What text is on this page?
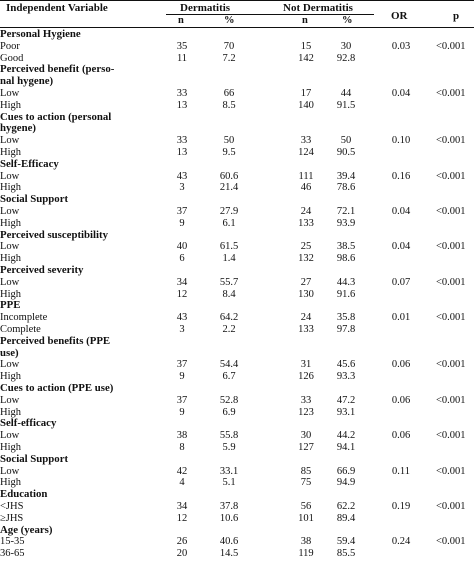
Independent Variable	Dermatitis	Not Dermatitis
OR	p
n	%	n	%
Personal Hygiene
Poor	35	70	15	30	0.03 <0.001
Good	11	7.2	142	92.8
Perceived benefit (perso-
nal hygene)
Low	33	66	17	44	0.04 <0.001
High	13	8.5	140	91.5
Cues to action (personal
hygene)
Low	33	50	33	50	0.10 <0.001
High	13	9.5	124	90.5
Self-Efficacy
Low	43	60.6	111	39.4	0.16 <0.001
High	3	21.4	46	78.6
Social Support
Low	37	27.9	24	72.1	0.04 <0.001
High	9	6.1	133	93.9
Perceived susceptibility
Low	40	61.5	25	38.5	0.04 <0.001
High	6	1.4	132	98.6
Perceived severity
Low	34	55.7	27	44.3	0.07 <0.001
High	12	8.4	130	91.6
PPE
Incomplete	43	64.2	24	35.8	0.01 <0.001
Complete	3	2.2	133	97.8
Perceived benefits (PPE
use)
Low	37	54.4	31	45.6	0.06 <0.001
High	9	6.7	126	93.3
Cues to action (PPE use)
Low	37	52.8	33	47.2	0.06 <0.001
High	9	6.9	123	93.1
Self-efficacy
Low	38	55.8	30	44.2	0.06 <0.001
High	8	5.9	127	94.1
Social Support
Low	42	33.1	85	66.9	0.11 <0.001
High	4	5.1	75	94.9
Education
<JHS	34	37.8	56	62.2	0.19 <0.001
≥JHS	12	10.6	101	89.4
Age (years)
15-35	26	40.6	38	59.4	0.24 <0.001
36-65	20	14.5	119	85.5
